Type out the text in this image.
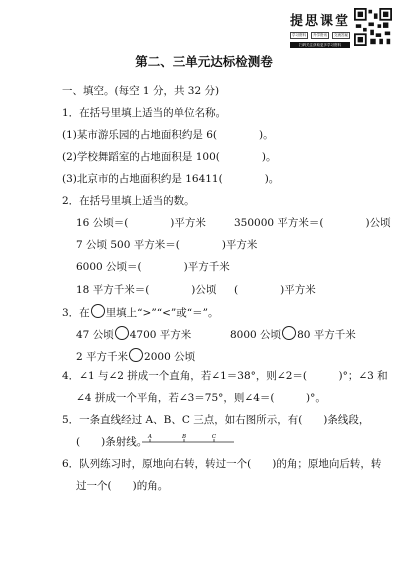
提思课堂
学习资料	升学资讯	交流答疑
扫码关注获取更多学习资料
第二、三单元达标检测卷
一、填空。(每空 1 分，共 32 分)
1．在括号里填上适当的单位名称。
(1)某市游乐园的占地面积约是 6(　　　　)。
(2)学校舞蹈室的占地面积是 100(　　　　)。
(3)北京市的占地面积约是 16411(　　　　)。
2．在括号里填上适当的数。
16 公顷＝(　　　　)平方米	350000 平方米＝(　　　　)公顷
7 公顷 500 平方米＝(　　　　)平方米
6000 公顷＝(　　　　)平方千米
18 平方千米＝(　　　　)公顷 (　　　　)平方米
3．在 里填上“>”“<”或“＝”。
47 公顷 4700 平方米	8000 公顷 80 平方千米
2 平方千米 2000 公顷
4．∠1 与∠2 拼成一个直角，若∠1＝38°，则∠2＝(　　　)°；∠3 和
∠4 拼成一个平角，若∠3＝75°，则∠4＝(　　　)°。
5．一条直线经过 A、B、C 三点，如右图所示，有(　　)条线段，
(　　)条射线。 A	B	C
6．队列练习时，原地向右转，转过一个(　　)的角；原地向后转，转
过一个(　　)的角。
